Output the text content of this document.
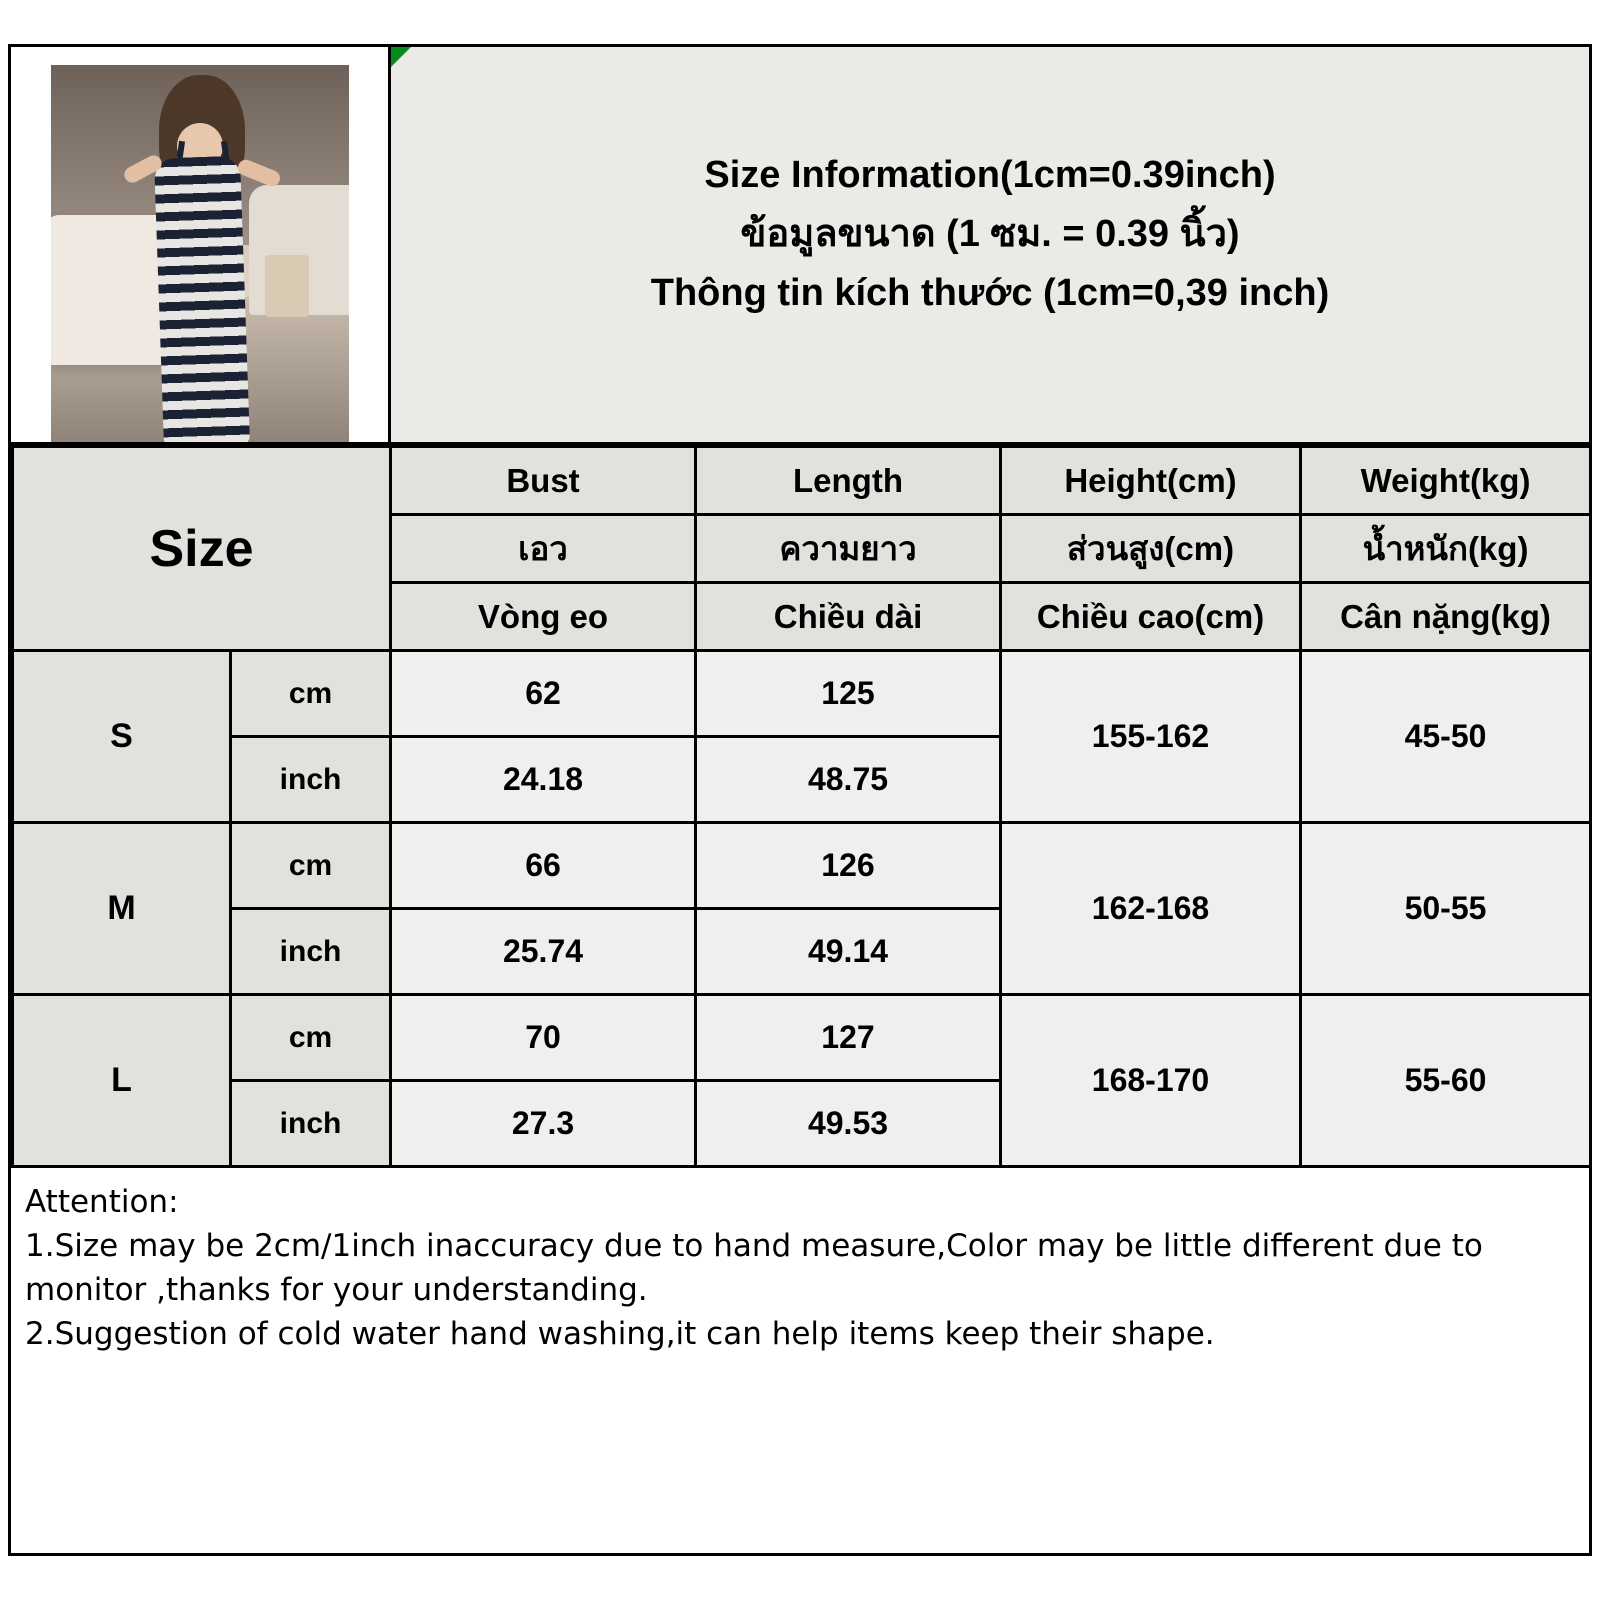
Size Information(1cm=0.39inch)
ข้อมูลขนาด (1 ซม. = 0.39 นิ้ว)
Thông tin kích thước (1cm=0,39 inch)
Size		Bust	Length	Height(cm)	Weight(kg)
		เอว	ความยาว	ส่วนสูง(cm)	น้ำหนัก(kg)
		Vòng eo	Chiều dài	Chiều cao(cm)	Cân nặng(kg)
S	cm	62	125	155-162	45-50
	inch	24.18	48.75		
M	cm	66	126	162-168	50-55
	inch	25.74	49.14		
L	cm	70	127	168-170	55-60
	inch	27.3	49.53		
Attention:
1.Size may be 2cm/1inch inaccuracy due to hand measure,Color may be little different due to monitor ,thanks for your understanding.
2.Suggestion of cold water hand washing,it can help items keep their shape.
